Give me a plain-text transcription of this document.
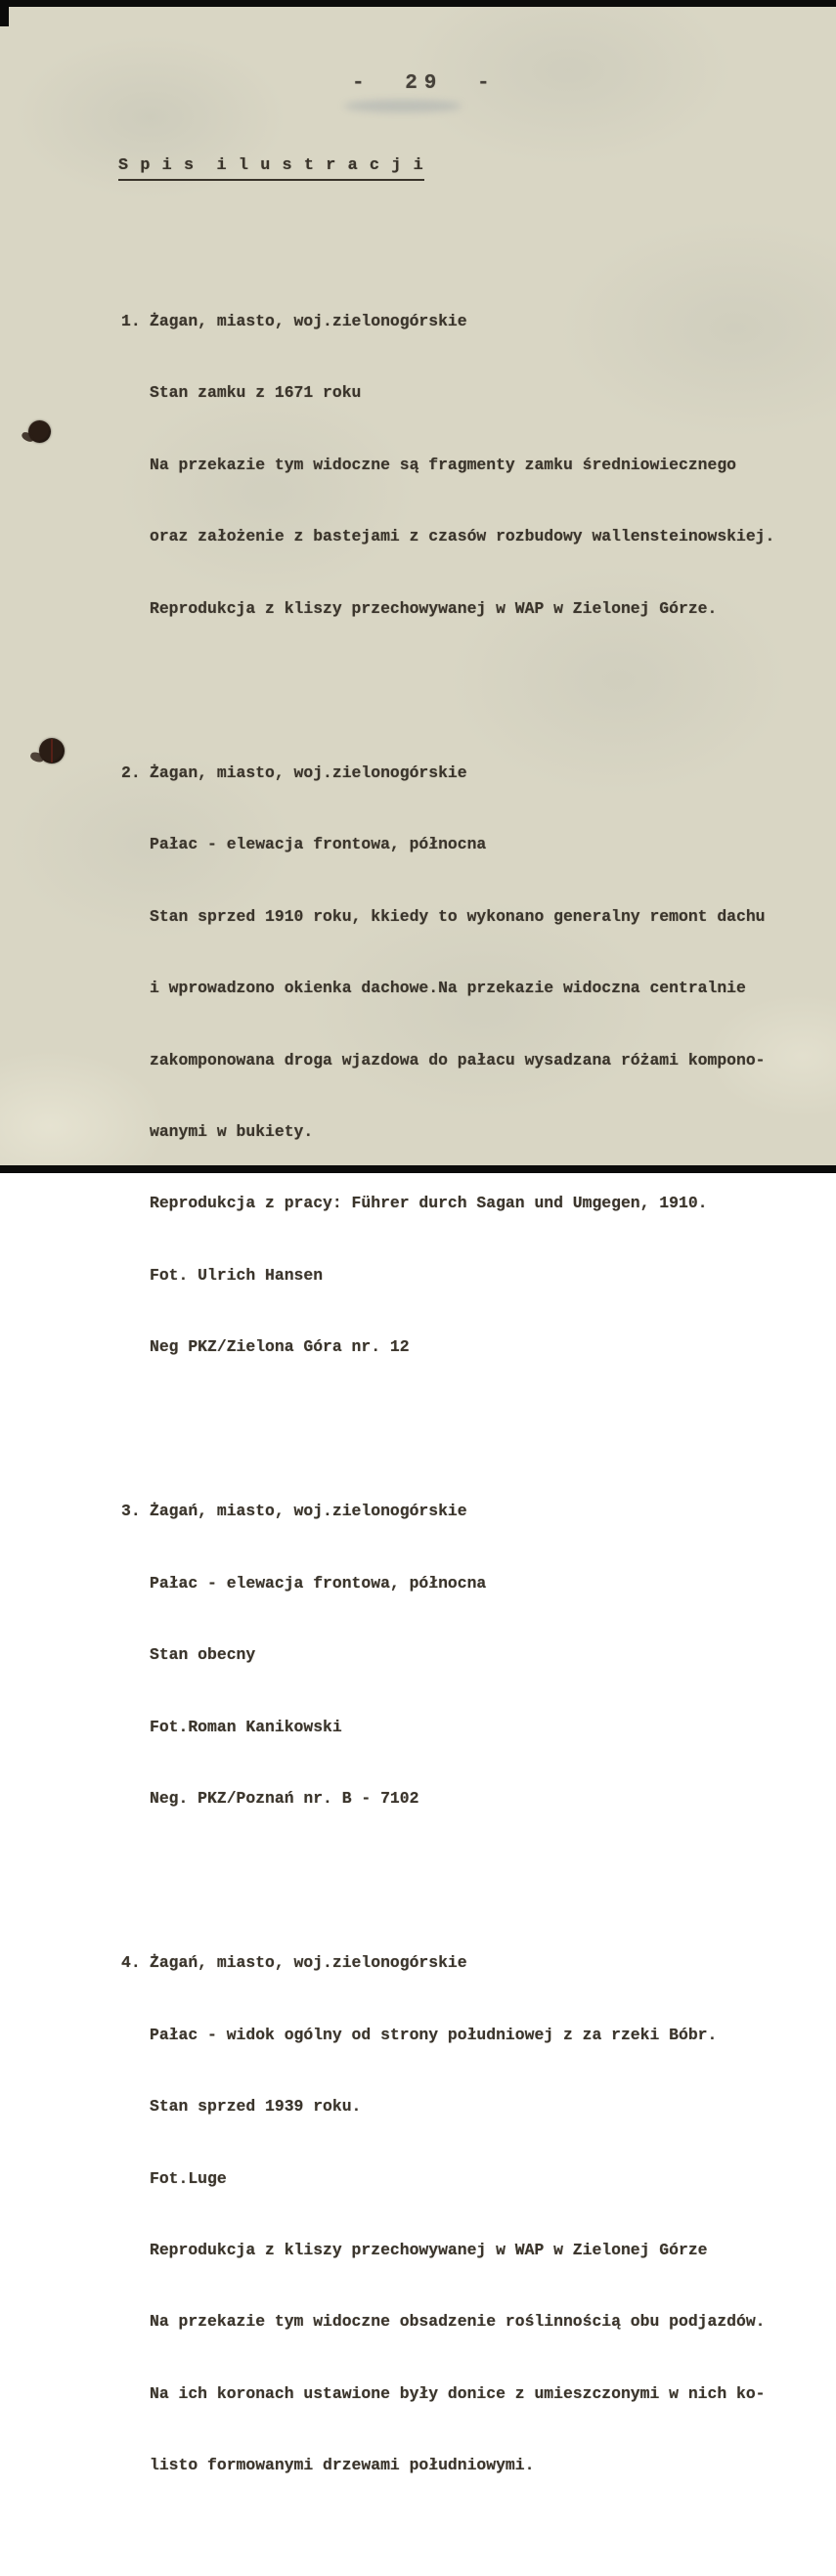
- 29 -
S p i s  i l u s t r a c j i

1. Żagan, miasto, woj.zielonogórskie

Stan zamku z 1671 roku

Na przekazie tym widoczne są fragmenty zamku średniowiecznego

oraz założenie z bastejami z czasów rozbudowy wallensteinowskiej.

Reprodukcja z kliszy przechowywanej w WAP w Zielonej Górze.

2. Żagan, miasto, woj.zielonogórskie

Pałac - elewacja frontowa, północna

Stan sprzed 1910 roku, kkiedy to wykonano generalny remont dachu

i wprowadzono okienka dachowe.Na przekazie widoczna centralnie

zakomponowana droga wjazdowa do pałacu wysadzana różami kompono-

wanymi w bukiety.

Reprodukcja z pracy: Führer durch Sagan und Umgegen, 1910.

Fot. Ulrich Hansen

Neg PKZ/Zielona Góra nr. 12

3. Żagań, miasto, woj.zielonogórskie

Pałac - elewacja frontowa, północna

Stan obecny

Fot.Roman Kanikowski

Neg. PKZ/Poznań nr. B - 7102

4. Żagań, miasto, woj.zielonogórskie

Pałac - widok ogólny od strony południowej z za rzeki Bóbr.

Stan sprzed 1939 roku.

Fot.Luge

Reprodukcja z kliszy przechowywanej w WAP w Zielonej Górze

Na przekazie tym widoczne obsadzenie roślinnością obu podjazdów.

Na ich koronach ustawione były donice z umieszczonymi w nich ko-

listo formowanymi drzewami południowymi.
